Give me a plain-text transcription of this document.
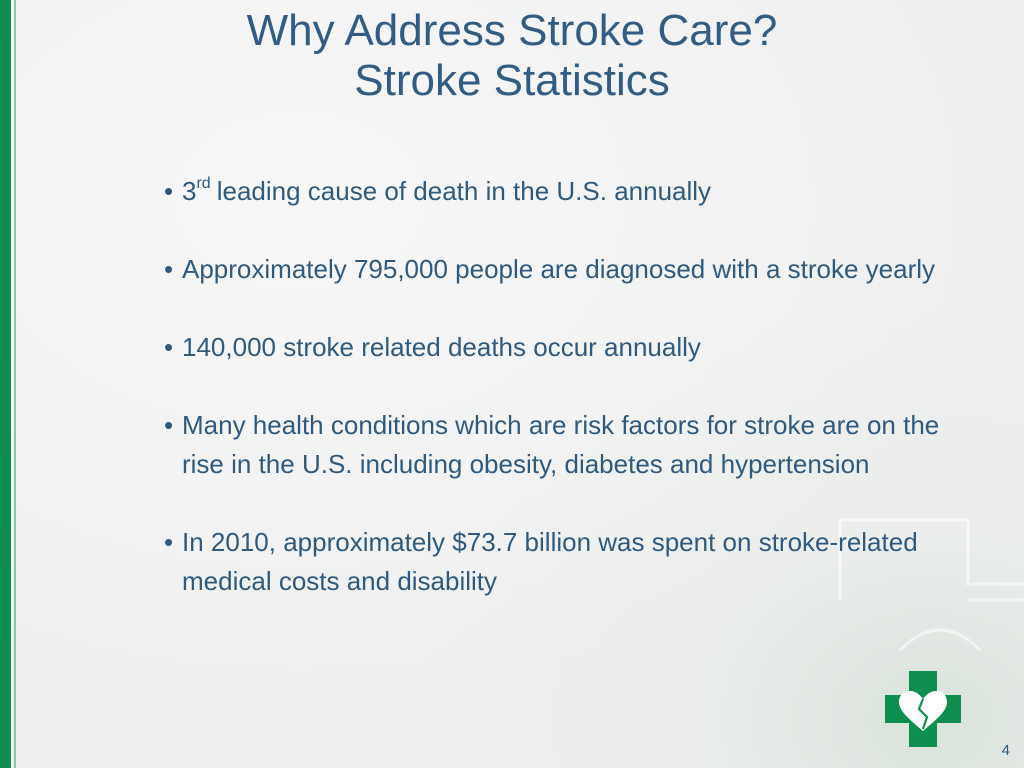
Why Address Stroke Care?
Stroke Statistics
• 3rd leading cause of death in the U.S. annually
• Approximately 795,000 people are diagnosed with a stroke yearly
• 140,000 stroke related deaths occur annually
• Many health conditions which are risk factors for stroke are on the rise in the U.S. including obesity, diabetes and hypertension
• In 2010, approximately $73.7 billion was spent on stroke-related medical costs and disability
4
